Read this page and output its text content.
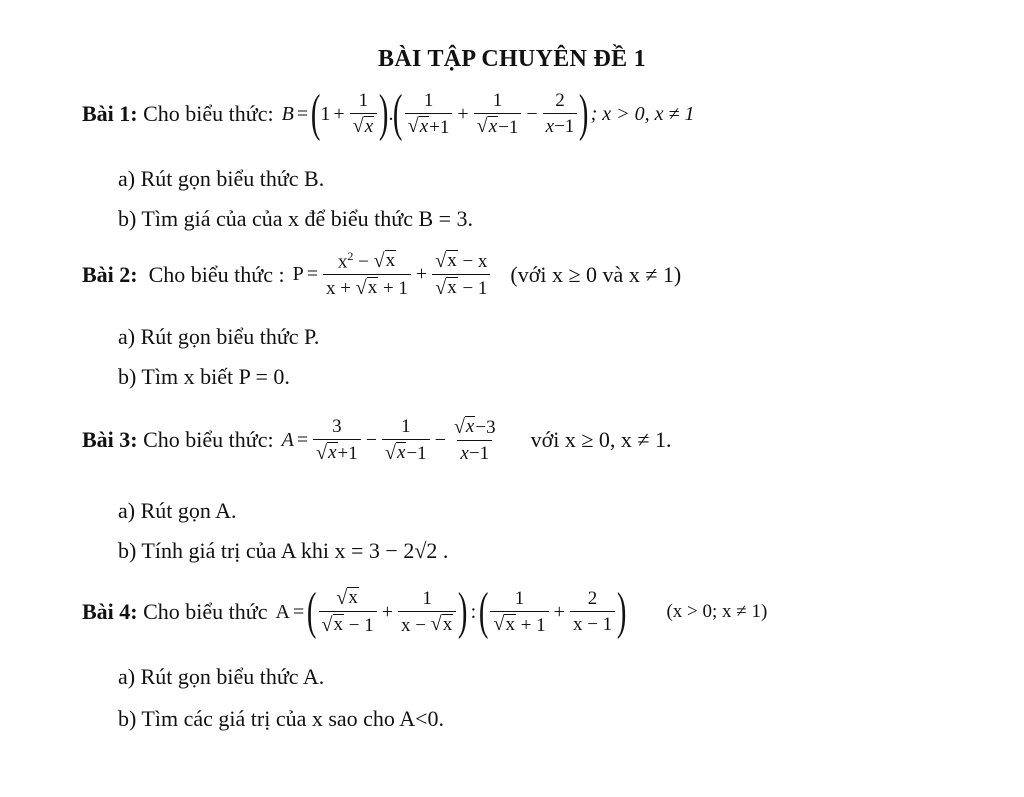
BÀI TẬP CHUYÊN ĐỀ 1
Bài 1:
Cho biểu thức: B = ( $1 + \frac{1}{√ x}$ ) . ( $\frac{1}{√ x +1} + \frac{1}{√ x -1} - \frac{2}{x-1}$ ) ; x > 0, x ≠ 1
a) Rút gọn biểu thức B.
b) Tìm giá của của x để biểu thức B = 3.
Bài 2:
Cho biểu thức : $P = \frac{x^2 - √ x}{x + √ x + 1} + \frac{√ x - x}{√ x - 1}$ (với x ≥ 0 và x ≠ 1)
a) Rút gọn biểu thức P.
b) Tìm x biết P = 0.
Bài 3:
Cho biểu thức: $A = \frac{3}{√ x +1} - \frac{1}{√ x -1} - \frac{√ x -3}{x-1}$ với x ≥ 0, x ≠ 1.
a) Rút gọn A.
b) Tính giá trị của A khi x = 3 − 2√2 .
Bài 4:
Cho biểu thức A = ( $\frac{√ x}{√ x - 1} + \frac{1}{x - √ x}$ ) : ( $\frac{1}{√ x + 1} + \frac{2}{x - 1}$ ) (x > 0; x ≠ 1)
a) Rút gọn biểu thức A.
b) Tìm các giá trị của x sao cho A<0.
